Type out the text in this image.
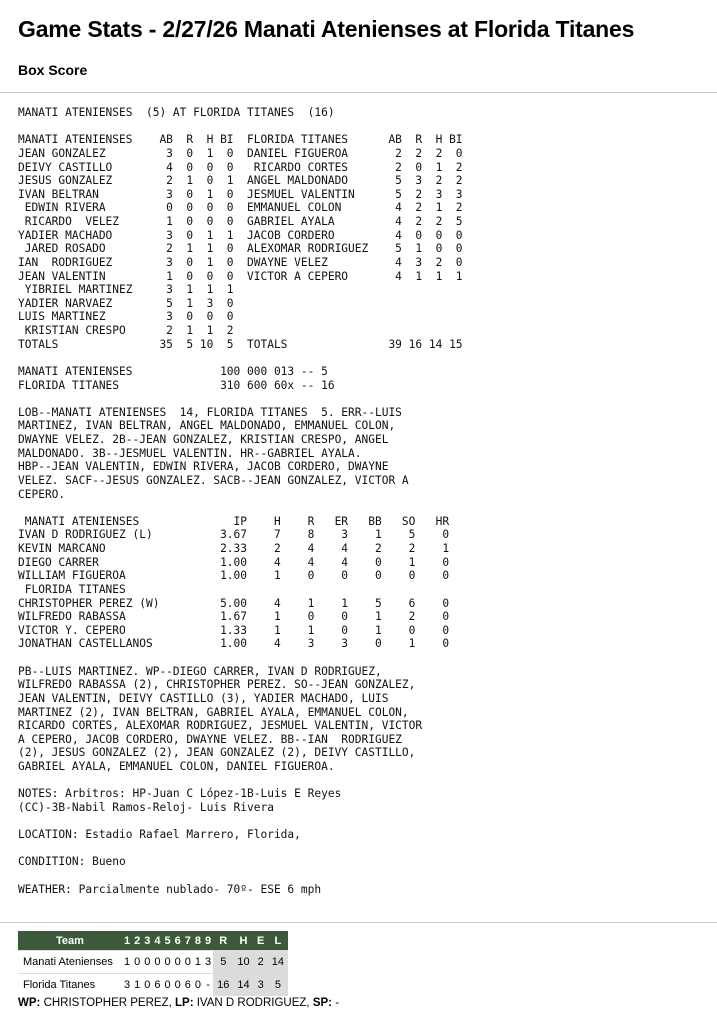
Game Stats - 2/27/26 Manati Atenienses at Florida Titanes
Box Score
MANATI ATENIENSES  (5) AT FLORIDA TITANES  (16)

MANATI ATENIENSES    AB  R  H BI  FLORIDA TITANES      AB  R  H BI
JEAN GONZALEZ         3  0  1  0  DANIEL FIGUEROA       2  2  2  0
DEIVY CASTILLO        4  0  0  0   RICARDO CORTES       2  0  1  2
JESUS GONZALEZ        2  1  0  1  ANGEL MALDONADO       5  3  2  2
IVAN BELTRAN          3  0  1  0  JESMUEL VALENTIN      5  2  3  3
EDWIN RIVERA         0  0  0  0  EMMANUEL COLON        4  2  1  2
RICARDO  VELEZ       1  0  0  0  GABRIEL AYALA         4  2  2  5
YADIER MACHADO        3  0  1  1  JACOB CORDERO         4  0  0  0
JARED ROSADO         2  1  1  0  ALEXOMAR RODRIGUEZ    5  1  0  0
IAN  RODRIGUEZ        3  0  1  0  DWAYNE VELEZ          4  3  2  0
JEAN VALENTIN         1  0  0  0  VICTOR A CEPERO       4  1  1  1
YIBRIEL MARTINEZ     3  1  1  1
YADIER NARVAEZ        5  1  3  0
LUIS MARTINEZ         3  0  0  0
KRISTIAN CRESPO      2  1  1  2
TOTALS               35  5 10  5  TOTALS               39 16 14 15

MANATI ATENIENSES             100 000 013 -- 5
FLORIDA TITANES               310 600 60x -- 16

LOB--MANATI ATENIENSES  14, FLORIDA TITANES  5. ERR--LUIS
MARTINEZ, IVAN BELTRAN, ANGEL MALDONADO, EMMANUEL COLON,
DWAYNE VELEZ. 2B--JEAN GONZALEZ, KRISTIAN CRESPO, ANGEL
MALDONADO. 3B--JESMUEL VALENTIN. HR--GABRIEL AYALA.
HBP--JEAN VALENTIN, EDWIN RIVERA, JACOB CORDERO, DWAYNE
VELEZ. SACF--JESUS GONZALEZ. SACB--JEAN GONZALEZ, VICTOR A
CEPERO.

MANATI ATENIENSES              IP    H    R   ER   BB   SO   HR
IVAN D RODRIGUEZ (L)          3.67    7    8    3    1    5    0
KEVIN MARCANO                 2.33    2    4    4    2    2    1
DIEGO CARRER                  1.00    4    4    4    0    1    0
WILLIAM FIGUEROA              1.00    1    0    0    0    0    0
FLORIDA TITANES
CHRISTOPHER PEREZ (W)         5.00    4    1    1    5    6    0
WILFREDO RABASSA              1.67    1    0    0    1    2    0
VICTOR Y. CEPERO              1.33    1    1    0    1    0    0
JONATHAN CASTELLANOS          1.00    4    3    3    0    1    0

PB--LUIS MARTINEZ. WP--DIEGO CARRER, IVAN D RODRIGUEZ,
WILFREDO RABASSA (2), CHRISTOPHER PEREZ. SO--JEAN GONZALEZ,
JEAN VALENTIN, DEIVY CASTILLO (3), YADIER MACHADO, LUIS
MARTINEZ (2), IVAN BELTRAN, GABRIEL AYALA, EMMANUEL COLON,
RICARDO CORTES, ALEXOMAR RODRIGUEZ, JESMUEL VALENTIN, VICTOR
A CEPERO, JACOB CORDERO, DWAYNE VELEZ. BB--IAN  RODRIGUEZ
(2), JESUS GONZALEZ (2), JEAN GONZALEZ (2), DEIVY CASTILLO,
GABRIEL AYALA, EMMANUEL COLON, DANIEL FIGUEROA.

NOTES: Arbitros: HP-Juan C López-1B-Luis E Reyes
(CC)-3B-Nabil Ramos-Reloj- Luis Rivera

LOCATION: Estadio Rafael Marrero, Florida,

CONDITION: Bueno

WEATHER: Parcialmente nublado- 70º- ESE 6 mph
Team	1	2	3	4	5	6	7	8	9	R	H	E	L
Manati Atenienses	1	0	0	0	0	0	0	1	3	5	10	2	14
Florida Titanes	3	1	0	6	0	0	6	0	-	16	14	3	5
WP: CHRISTOPHER PEREZ, LP: IVAN D RODRIGUEZ, SP: -
